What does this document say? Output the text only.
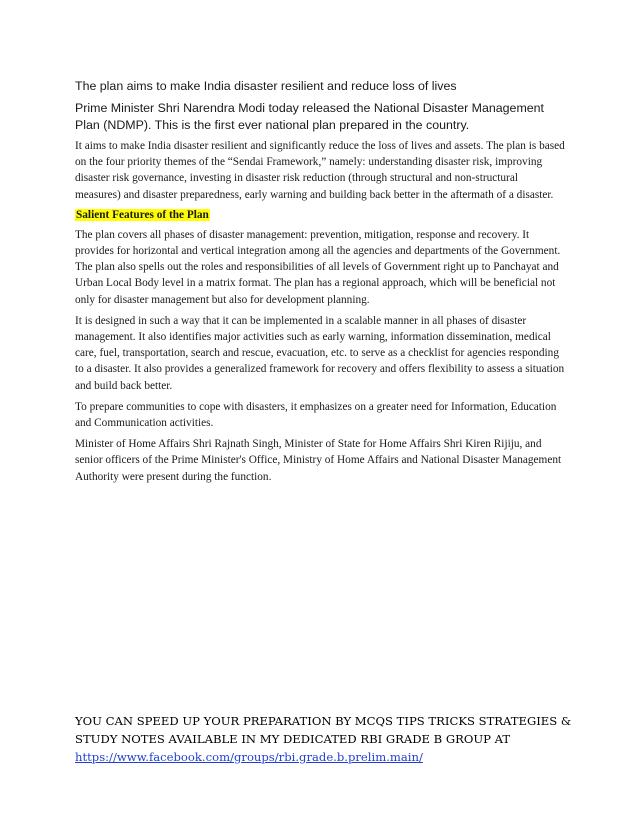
The plan aims to make India disaster resilient and reduce loss of lives

Prime Minister Shri Narendra Modi today released the National Disaster Management Plan (NDMP). This is the first ever national plan prepared in the country.

It aims to make India disaster resilient and significantly reduce the loss of lives and assets. The plan is based on the four priority themes of the “Sendai Framework,” namely: understanding disaster risk, improving disaster risk governance, investing in disaster risk reduction (through structural and non-structural measures) and disaster preparedness, early warning and building back better in the aftermath of a disaster.

Salient Features of the Plan

The plan covers all phases of disaster management: prevention, mitigation, response and recovery. It provides for horizontal and vertical integration among all the agencies and departments of the Government. The plan also spells out the roles and responsibilities of all levels of Government right up to Panchayat and Urban Local Body level in a matrix format. The plan has a regional approach, which will be beneficial not only for disaster management but also for development planning.

It is designed in such a way that it can be implemented in a scalable manner in all phases of disaster management. It also identifies major activities such as early warning, information dissemination, medical care, fuel, transportation, search and rescue, evacuation, etc. to serve as a checklist for agencies responding to a disaster. It also provides a generalized framework for recovery and offers flexibility to assess a situation and build back better.

To prepare communities to cope with disasters, it emphasizes on a greater need for Information, Education and Communication activities.

Minister of Home Affairs Shri Rajnath Singh, Minister of State for Home Affairs Shri Kiren Rijiju, and senior officers of the Prime Minister's Office, Ministry of Home Affairs and National Disaster Management Authority were present during the function.

YOU CAN SPEED UP YOUR PREPARATION BY MCQS TIPS TRICKS STRATEGIES & STUDY NOTES AVAILABLE IN MY DEDICATED RBI GRADE B GROUP AT
https://www.facebook.com/groups/rbi.grade.b.prelim.main/
